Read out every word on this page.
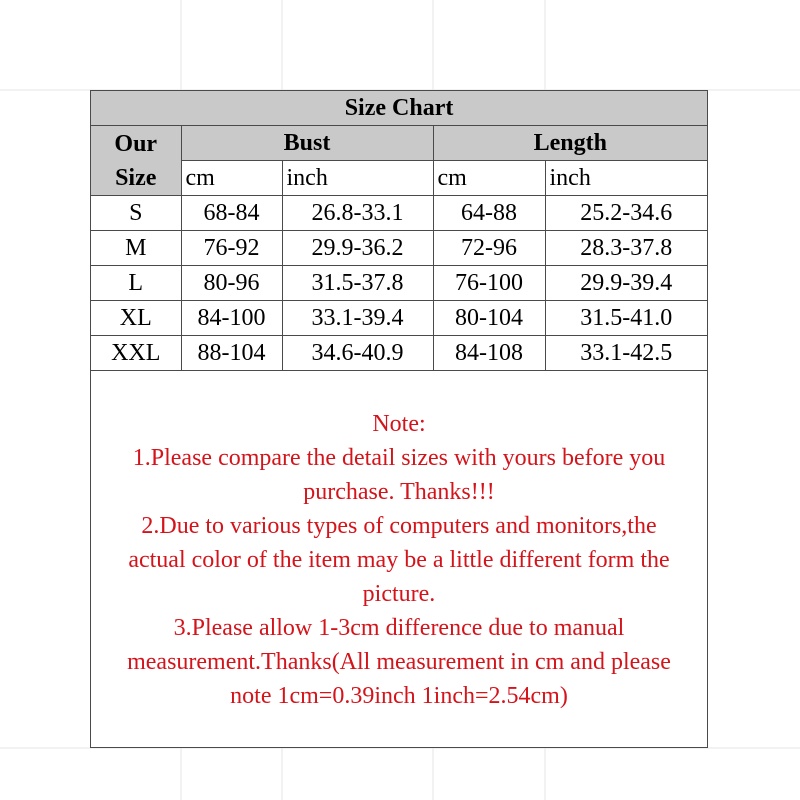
Size Chart				

Our
Size	Bust		Length	
	cm	inch	cm	inch
S	68-84	26.8-33.1	64-88	25.2-34.6
M	76-92	29.9-36.2	72-96	28.3-37.8
L	80-96	31.5-37.8	76-100	29.9-39.4
XL	84-100	33.1-39.4	80-104	31.5-41.0
XXL	88-104	34.6-40.9	84-108	33.1-42.5
Note:
1.Please compare the detail sizes with yours before you
purchase. Thanks!!!
2.Due to various types of computers and monitors,the
actual color of the item may be a little different form the
picture.
3.Please allow 1-3cm difference due to manual
measurement.Thanks(All measurement in cm and please
note 1cm=0.39inch 1inch=2.54cm)
